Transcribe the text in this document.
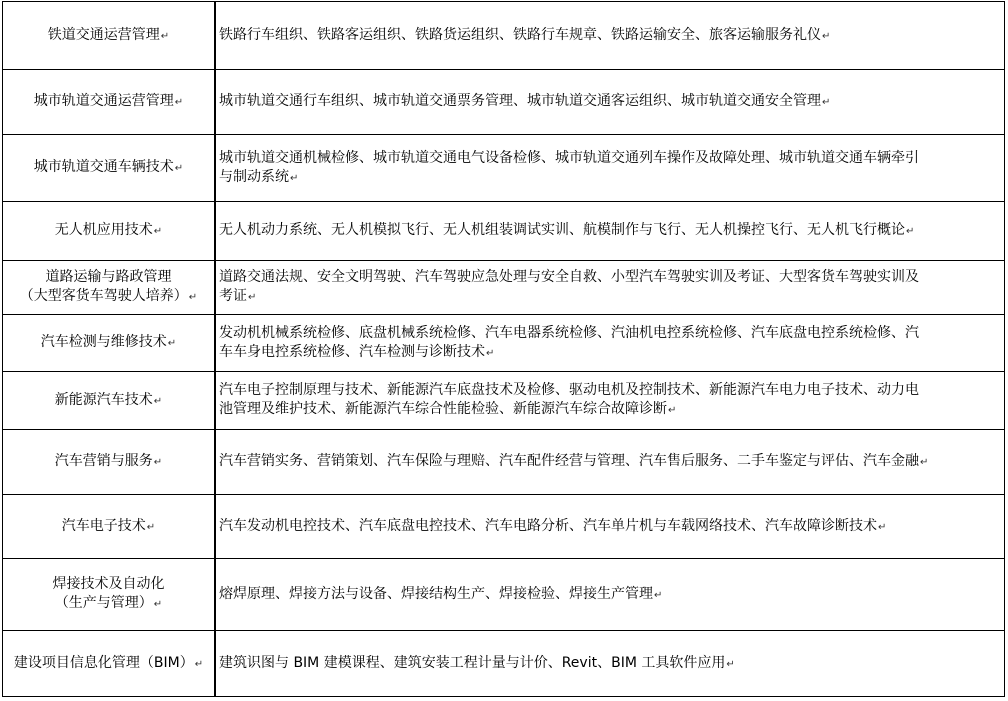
铁道交通运营管理↵	铁路行车组织、铁路客运组织、铁路货运组织、铁路行车规章、铁路运输安全、旅客运输服务礼仪↵

城市轨道交通运营管理↵	城市轨道交通行车组织、城市轨道交通票务管理、城市轨道交通客运组织、城市轨道交通安全管理↵

城市轨道交通车辆技术↵	城市轨道交通机械检修、城市轨道交通电气设备检修、城市轨道交通列车操作及故障处理、城市轨道交通车辆牵引
与制动系统↵

无人机应用技术↵	无人机动力系统、无人机模拟飞行、无人机组装调试实训、航模制作与飞行、无人机操控飞行、无人机飞行概论↵

道路运输与路政管理
（大型客货车驾驶人培养）↵	道路交通法规、安全文明驾驶、汽车驾驶应急处理与安全自救、小型汽车驾驶实训及考证、大型客货车驾驶实训及
考证↵

汽车检测与维修技术↵	发动机机械系统检修、底盘机械系统检修、汽车电器系统检修、汽油机电控系统检修、汽车底盘电控系统检修、汽
车车身电控系统检修、汽车检测与诊断技术↵

新能源汽车技术↵	汽车电子控制原理与技术、新能源汽车底盘技术及检修、驱动电机及控制技术、新能源汽车电力电子技术、动力电
池管理及维护技术、新能源汽车综合性能检验、新能源汽车综合故障诊断↵

汽车营销与服务↵	汽车营销实务、营销策划、汽车保险与理赔、汽车配件经营与管理、汽车售后服务、二手车鉴定与评估、汽车金融↵

汽车电子技术↵	汽车发动机电控技术、汽车底盘电控技术、汽车电路分析、汽车单片机与车载网络技术、汽车故障诊断技术↵

焊接技术及自动化
（生产与管理）↵	熔焊原理、焊接方法与设备、焊接结构生产、焊接检验、焊接生产管理↵

建设项目信息化管理（BIM）↵	建筑识图与 BIM 建模课程、建筑安装工程计量与计价、Revit、BIM 工具软件应用↵
